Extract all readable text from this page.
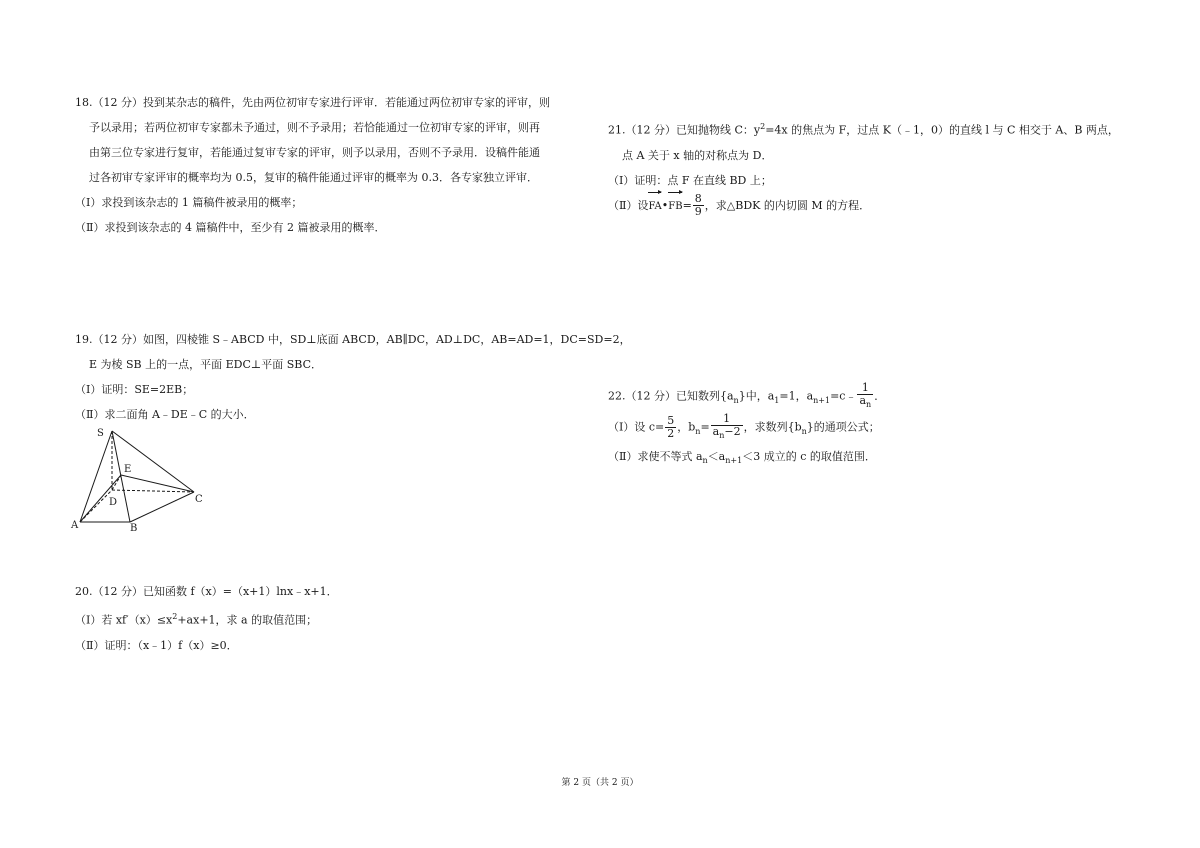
18.（12 分）投到某杂志的稿件，先由两位初审专家进行评审．若能通过两位初审专家的评审，则
予以录用；若两位初审专家都未予通过，则不予录用；若恰能通过一位初审专家的评审，则再
由第三位专家进行复审，若能通过复审专家的评审，则予以录用，否则不予录用．设稿件能通
过各初审专家评审的概率均为 0.5，复审的稿件能通过评审的概率为 0.3．各专家独立评审．
（Ⅰ）求投到该杂志的 1 篇稿件被录用的概率；
（Ⅱ）求投到该杂志的 4 篇稿件中，至少有 2 篇被录用的概率．
19.（12 分）如图，四棱锥 S﹣ABCD 中，SD⊥底面 ABCD，AB∥DC，AD⊥DC，AB=AD=1，DC=SD=2，
E 为棱 SB 上的一点，平面 EDC⊥平面 SBC．
（Ⅰ）证明：SE=2EB；
（Ⅱ）求二面角 A﹣DE﹣C 的大小．
S
E
D	C
A	B
20.（12 分）已知函数 f（x）=（x+1）lnx﹣x+1．
（Ⅰ）若 $xf'(x)\le x^2+ax+1$，求 a 的取值范围；
（Ⅱ）证明：（x﹣1）f（x）≥0．
21.（12 分）已知抛物线 C：$y^2=4x$ 的焦点为 F，过点 K（﹣1，0）的直线 l 与 C 相交于 A、B 两点，
点 A 关于 x 轴的对称点为 D．
（Ⅰ）证明：点 F 在直线 BD 上；
（Ⅱ）设FA•FB= $\frac{8}{9}$ ，求△BDK 的内切圆 M 的方程．
22.（12 分）已知数列$\{a_n\}$中，$a_1=1$，$a_{n+1}=c﹣ \frac{1}{a_n}$ ．
（Ⅰ）设 $c= \frac{5}{2}$ ，$b_n= \frac{1}{a_n-2}$ ，求数列$\{b_n\}$的通项公式；
（Ⅱ）求使不等式 $a_n<a_{n+1}<3$ 成立的 c 的取值范围．
第 2 页（共 2 页）
